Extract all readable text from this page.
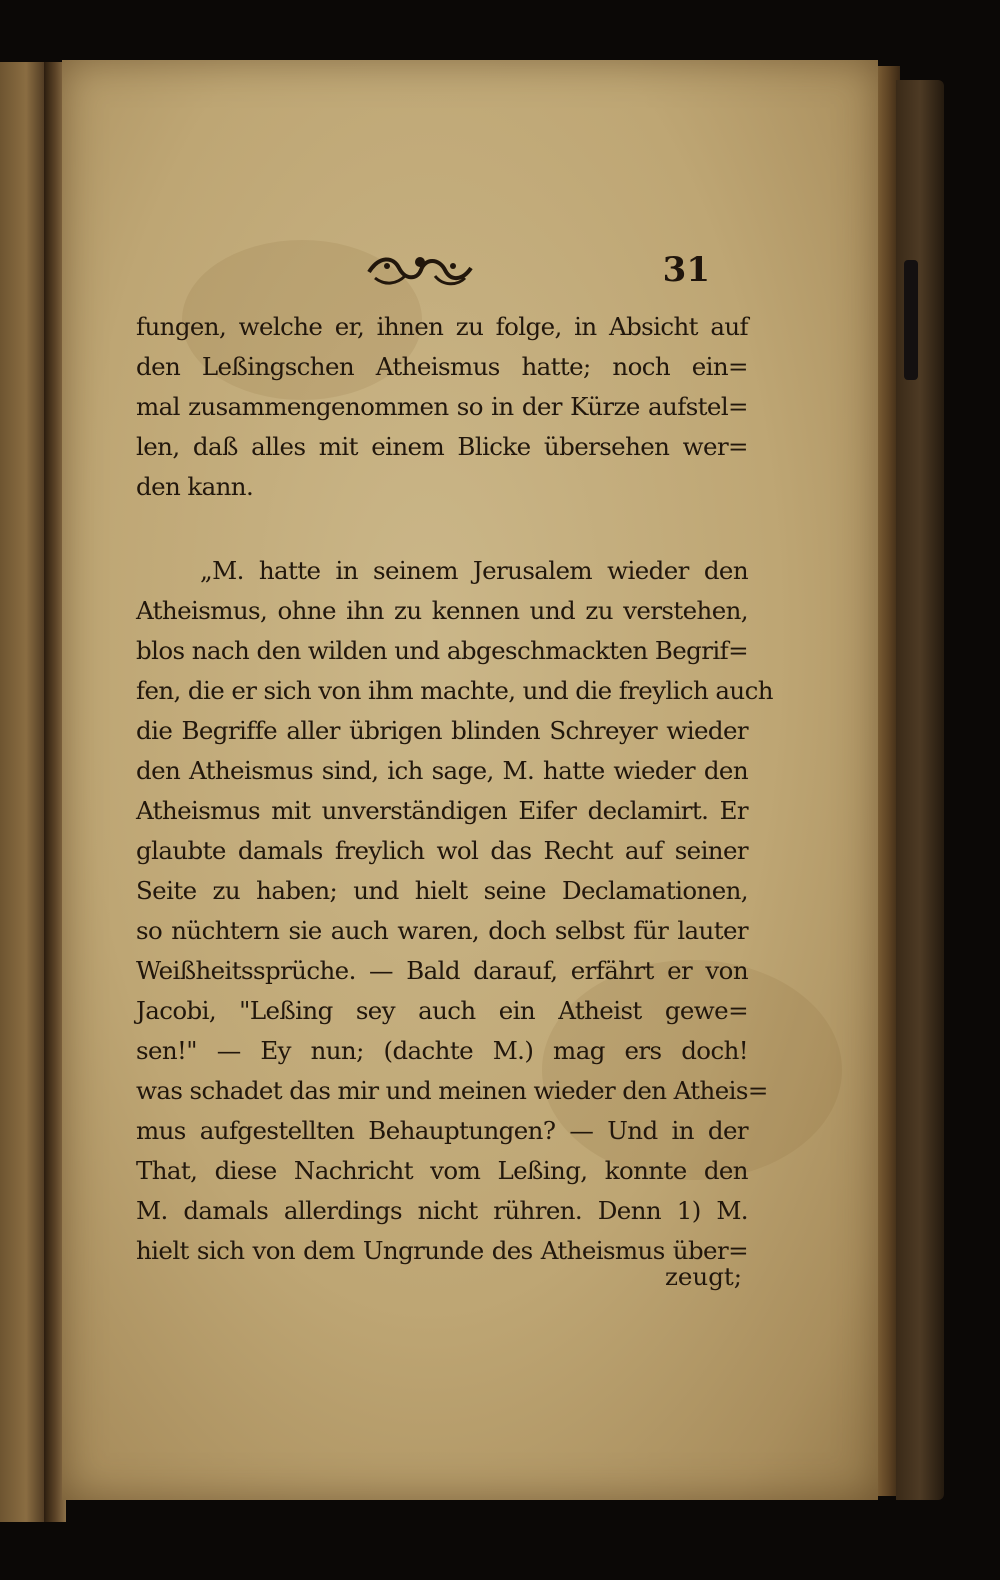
31
fungen, welche er, ihnen zu folge, in Absicht auf
den Leßingschen Atheismus hatte; noch ein=
mal zusammengenommen so in der Kürze aufstel=
len, daß alles mit einem Blicke übersehen wer=
den kann.
„M. hatte in seinem Jerusalem wieder den
Atheismus, ohne ihn zu kennen und zu verstehen,
blos nach den wilden und abgeschmackten Begrif=
fen, die er sich von ihm machte, und die freylich auch
die Begriffe aller übrigen blinden Schreyer wieder
den Atheismus sind, ich sage, M. hatte wieder den
Atheismus mit unverständigen Eifer declamirt. Er
glaubte damals freylich wol das Recht auf seiner
Seite zu haben; und hielt seine Declamationen,
so nüchtern sie auch waren, doch selbst für lauter
Weißheitssprüche. — Bald darauf, erfährt er von
Jacobi, "Leßing sey auch ein Atheist gewe=
sen!" — Ey nun; (dachte M.) mag ers doch!
was schadet das mir und meinen wieder den Atheis=
mus aufgestellten Behauptungen? — Und in der
That, diese Nachricht vom Leßing, konnte den
M. damals allerdings nicht rühren. Denn 1) M.
hielt sich von dem Ungrunde des Atheismus über=
zeugt;
